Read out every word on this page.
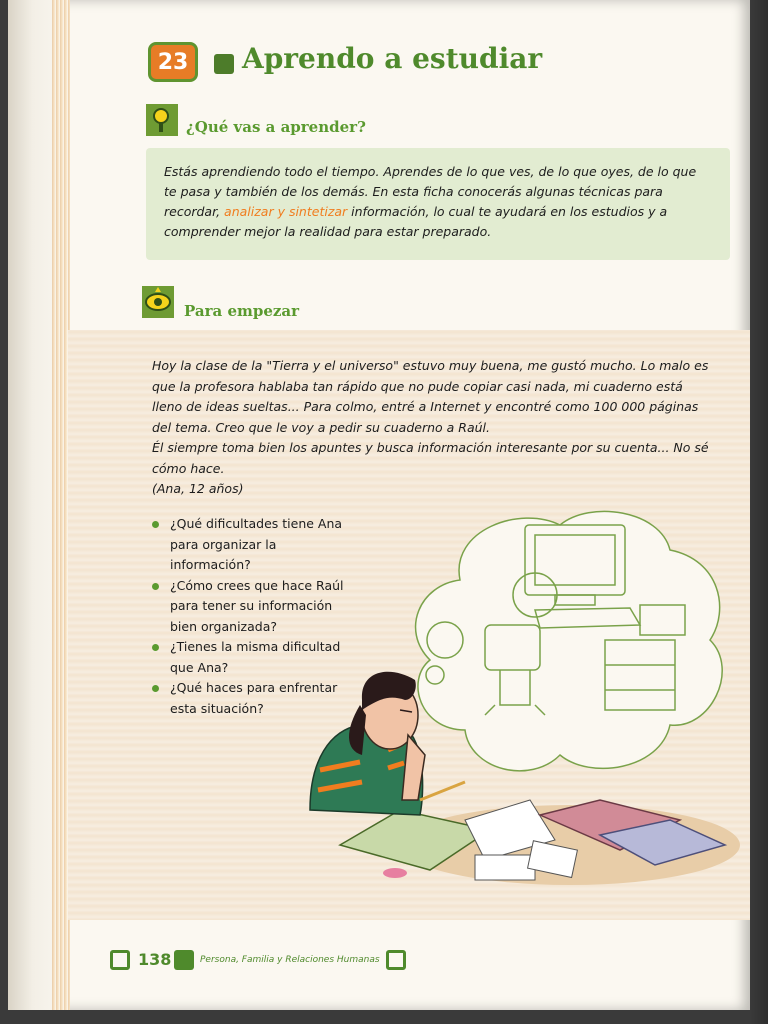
23	Aprendo a estudiar
¿Qué vas a aprender?

Estás aprendiendo todo el tiempo. Aprendes de lo que ves, de lo que oyes, de lo que te pasa y también de los demás. En esta ficha conocerás algunas técnicas para recordar, analizar y sintetizar información, lo cual te ayudará en los estudios y a comprender mejor la realidad para estar preparado.

Para empezar

Hoy la clase de la "Tierra y el universo" estuvo muy buena, me gustó mucho. Lo malo es que la profesora hablaba tan rápido que no pude copiar casi nada, mi cuaderno está lleno de ideas sueltas... Para colmo, entré a Internet y encontré como 100 000 páginas del tema. Creo que le voy a pedir su cuaderno a Raúl.

Él siempre toma bien los apuntes y busca información interesante por su cuenta... No sé cómo hace.

(Ana, 12 años)

¿Qué dificultades tiene Ana para organizar la información?
¿Cómo crees que hace Raúl para tener su información bien organizada?
¿Tienes la misma dificultad que Ana?
¿Qué haces para enfrentar esta situación?
138	Persona, Familia y Relaciones Humanas
